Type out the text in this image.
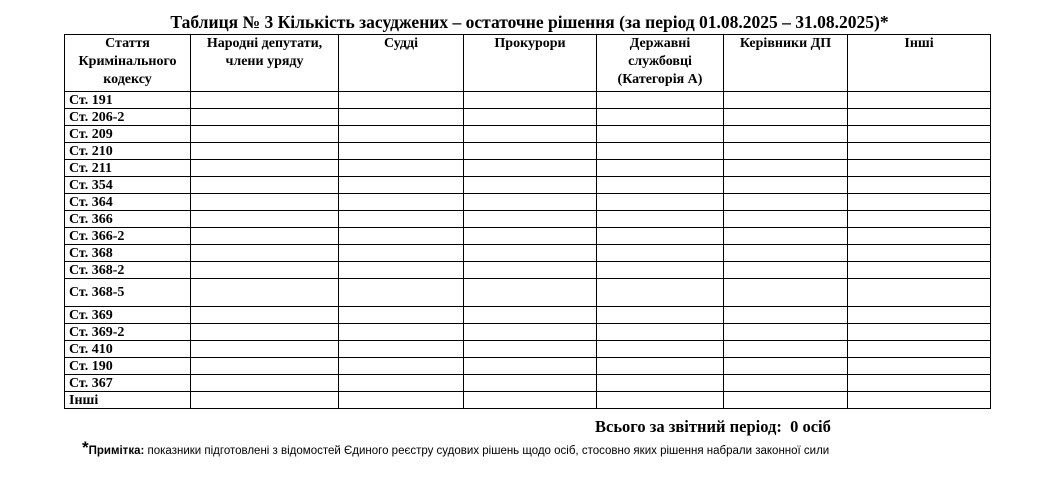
Таблиця № 3 Кількість засуджених – остаточне рішення (за період 01.08.2025 – 31.08.2025)*
Стаття Кримінального кодексу	Народні депутати, члени уряду	Судді	Прокурори	Державні службовці (Категорія А)	Керівники ДП	Інші
Ст. 191						
Ст. 206-2						
Ст. 209						
Ст. 210						
Ст. 211						
Ст. 354						
Ст. 364						
Ст. 366						
Ст. 366-2						
Ст. 368						
Ст. 368-2						
Ст. 368-5						
Ст. 369						
Ст. 369-2						
Ст. 410						
Ст. 190						
Ст. 367						
Інші						
Всього за звітний період: 0 осіб
*Примітка: показники підготовлені з відомостей Єдиного реєстру судових рішень щодо осіб, стосовно яких рішення набрали законної сили
